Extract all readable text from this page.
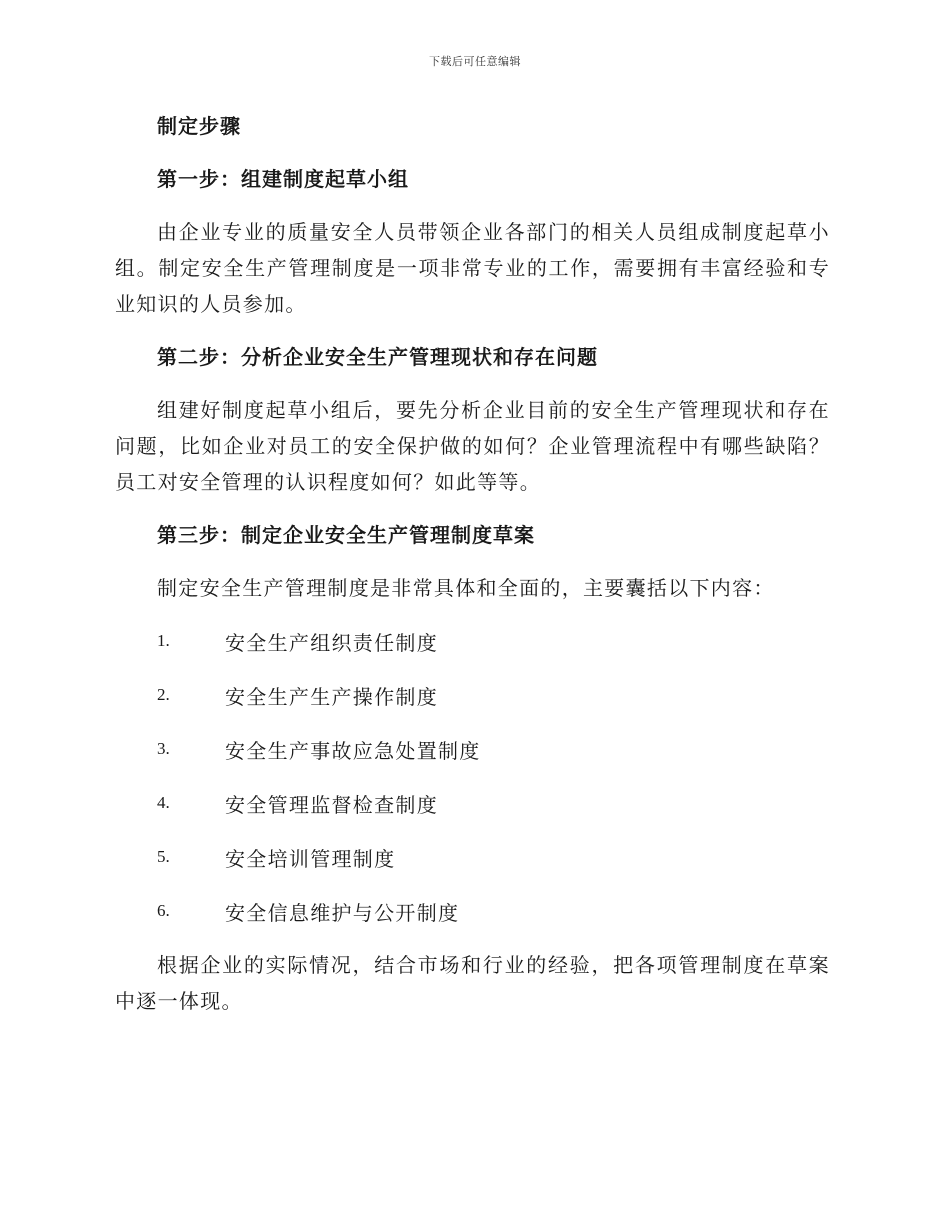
下载后可任意编辑
制定步骤
第一步：组建制度起草小组
由企业专业的质量安全人员带领企业各部门的相关人员组成制度起草小组。制定安全生产管理制度是一项非常专业的工作，需要拥有丰富经验和专业知识的人员参加。
第二步：分析企业安全生产管理现状和存在问题
组建好制度起草小组后，要先分析企业目前的安全生产管理现状和存在问题，比如企业对员工的安全保护做的如何？企业管理流程中有哪些缺陷？员工对安全管理的认识程度如何？如此等等。
第三步：制定企业安全生产管理制度草案
制定安全生产管理制度是非常具体和全面的，主要囊括以下内容：
1.	安全生产组织责任制度
2.	安全生产生产操作制度
3.	安全生产事故应急处置制度
4.	安全管理监督检查制度
5.	安全培训管理制度
6.	安全信息维护与公开制度
根据企业的实际情况，结合市场和行业的经验，把各项管理制度在草案中逐一体现。
